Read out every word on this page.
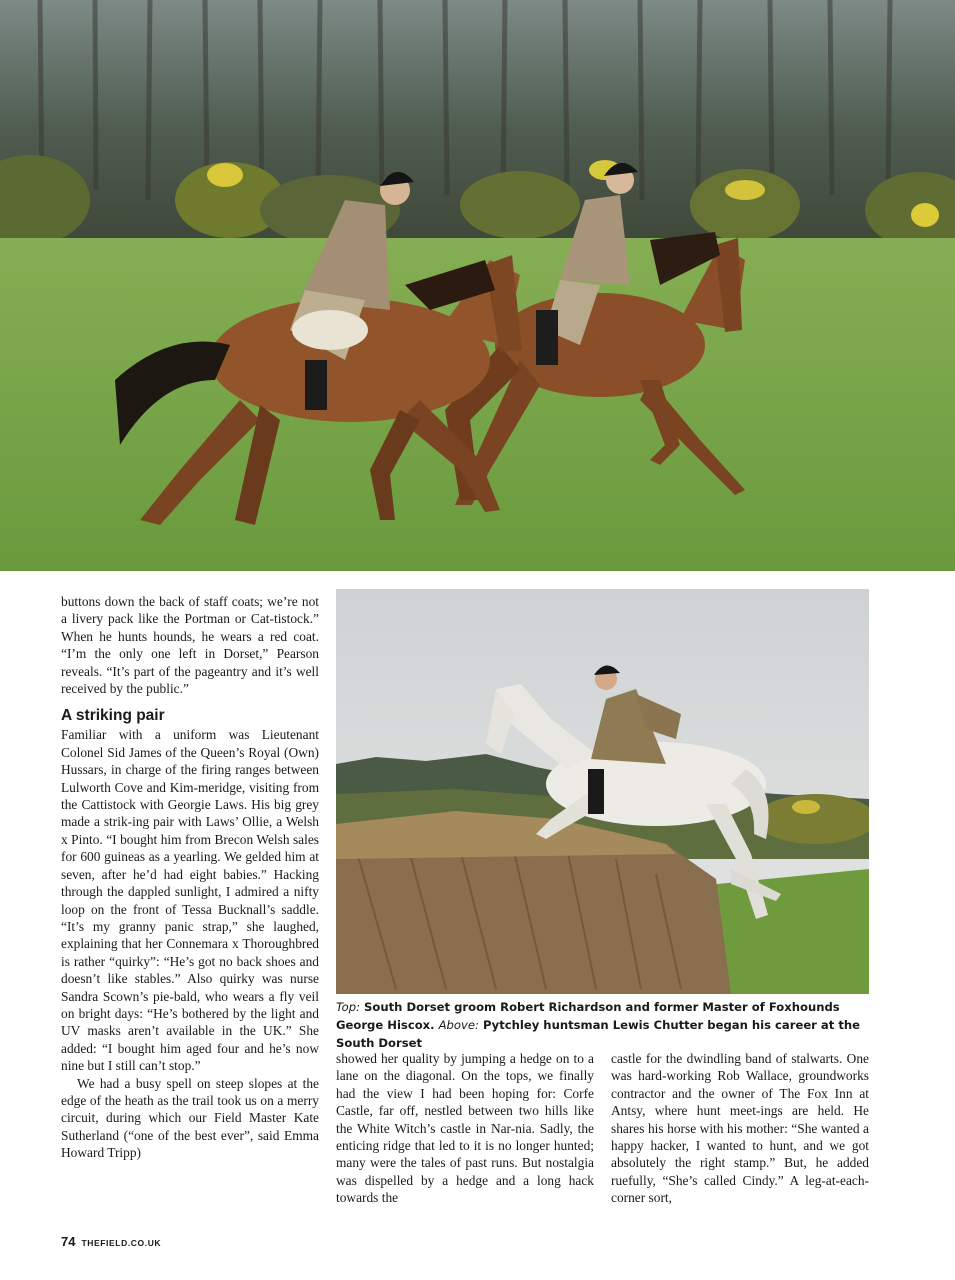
buttons down the back of staff coats; we’re not a livery pack like the Portman or Cat-tistock.” When he hunts hounds, he wears a red coat. “I’m the only one left in Dorset,” Pearson reveals. “It’s part of the pageantry and it’s well received by the public.”

A striking pair

Familiar with a uniform was Lieutenant Colonel Sid James of the Queen’s Royal (Own) Hussars, in charge of the firing ranges between Lulworth Cove and Kim-meridge, visiting from the Cattistock with Georgie Laws. His big grey made a strik-ing pair with Laws’ Ollie, a Welsh x Pinto. “I bought him from Brecon Welsh sales for 600 guineas as a yearling. We gelded him at seven, after he’d had eight babies.” Hacking through the dappled sunlight, I admired a nifty loop on the front of Tessa Bucknall’s saddle. “It’s my granny panic strap,” she laughed, explaining that her Connemara x Thoroughbred is rather “quirky”: “He’s got no back shoes and doesn’t like stables.” Also quirky was nurse Sandra Scown’s pie-bald, who wears a fly veil on bright days: “He’s bothered by the light and UV masks aren’t available in the UK.” She added: “I bought him aged four and he’s now nine but I still can’t stop.”

We had a busy spell on steep slopes at the edge of the heath as the trail took us on a merry circuit, during which our Field Master Kate Sutherland (“one of the best ever”, said Emma Howard Tripp)

Top: South Dorset groom Robert Richardson and former Master of Foxhounds George Hiscox. Above: Pytchley huntsman Lewis Chutter began his career at the South Dorset

showed her quality by jumping a hedge on to a lane on the diagonal. On the tops, we finally had the view I had been hoping for: Corfe Castle, far off, nestled between two hills like the White Witch’s castle in Nar-nia. Sadly, the enticing ridge that led to it is no longer hunted; many were the tales of past runs. But nostalgia was dispelled by a hedge and a long hack towards the

castle for the dwindling band of stalwarts. One was hard-working Rob Wallace, groundworks contractor and the owner of The Fox Inn at Antsy, where hunt meet-ings are held. He shares his horse with his mother: “She wanted a happy hacker, I wanted to hunt, and we got absolutely the right stamp.” But, he added ruefully, “She’s called Cindy.” A leg-at-each-corner sort,

74 THEFIELD.CO.UK
